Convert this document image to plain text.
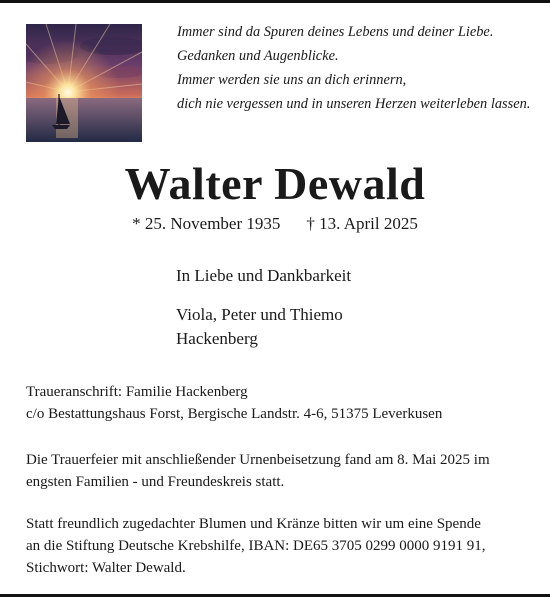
Immer sind da Spuren deines Lebens und deiner Liebe.
Gedanken und Augenblicke.
Immer werden sie uns an dich erinnern,
dich nie vergessen und in unseren Herzen weiterleben lassen.
Walter Dewald
* 25. November 1935 † 13. April 2025
In Liebe und Dankbarkeit
Viola, Peter und Thiemo
Hackenberg
Traueranschrift: Familie Hackenberg
c/o Bestattungshaus Forst, Bergische Landstr. 4-6, 51375 Leverkusen
Die Trauerfeier mit anschließender Urnenbeisetzung fand am 8. Mai 2025 im
engsten Familien - und Freundeskreis statt.
Statt freundlich zugedachter Blumen und Kränze bitten wir um eine Spende
an die Stiftung Deutsche Krebshilfe, IBAN: DE65 3705 0299 0000 9191 91,
Stichwort: Walter Dewald.
